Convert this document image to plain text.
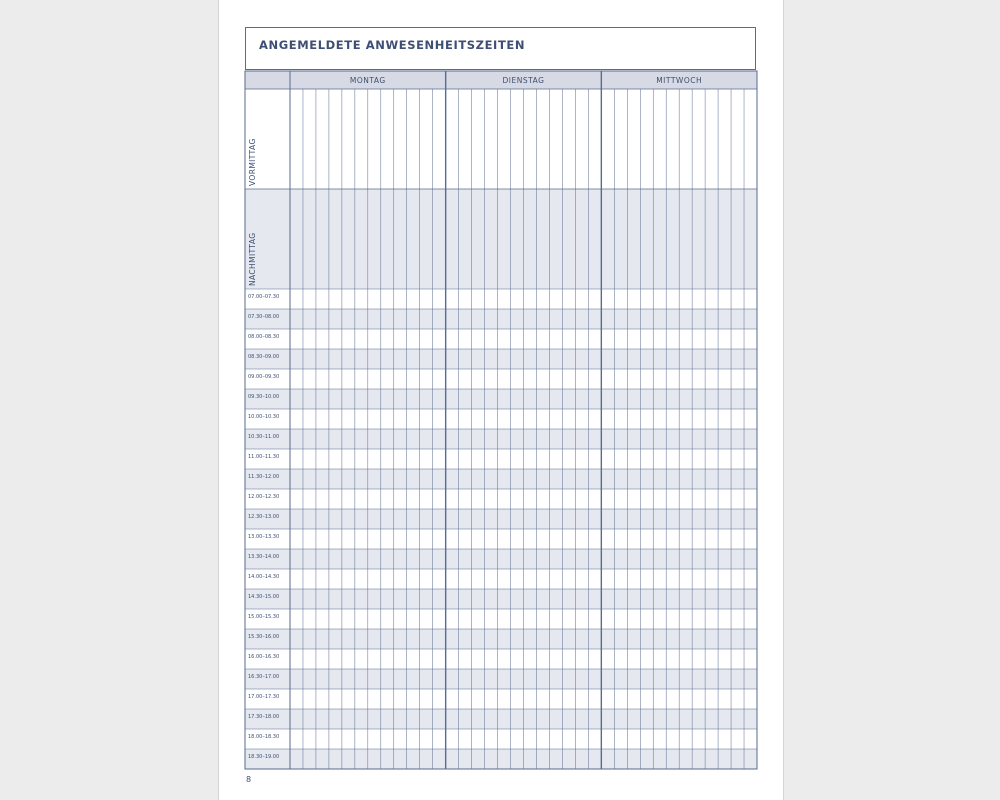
ANGEMELDETE ANWESENHEITSZEITEN
MONTAG	DIENSTAG	MITTWOCH
VORMITTAG
NACHMITTAG
07.00–07.30
07.30–08.00
08.00–08.30
08.30–09.00
09.00–09.30
09.30–10.00
10.00–10.30
10.30–11.00
11.00–11.30
11.30–12.00
12.00–12.30
12.30–13.00
13.00–13.30
13.30–14.00
14.00–14.30
14.30–15.00
15.00–15.30
15.30–16.00
16.00–16.30
16.30–17.00
17.00–17.30
17.30–18.00
18.00–18.30
18.30–19.00
8
